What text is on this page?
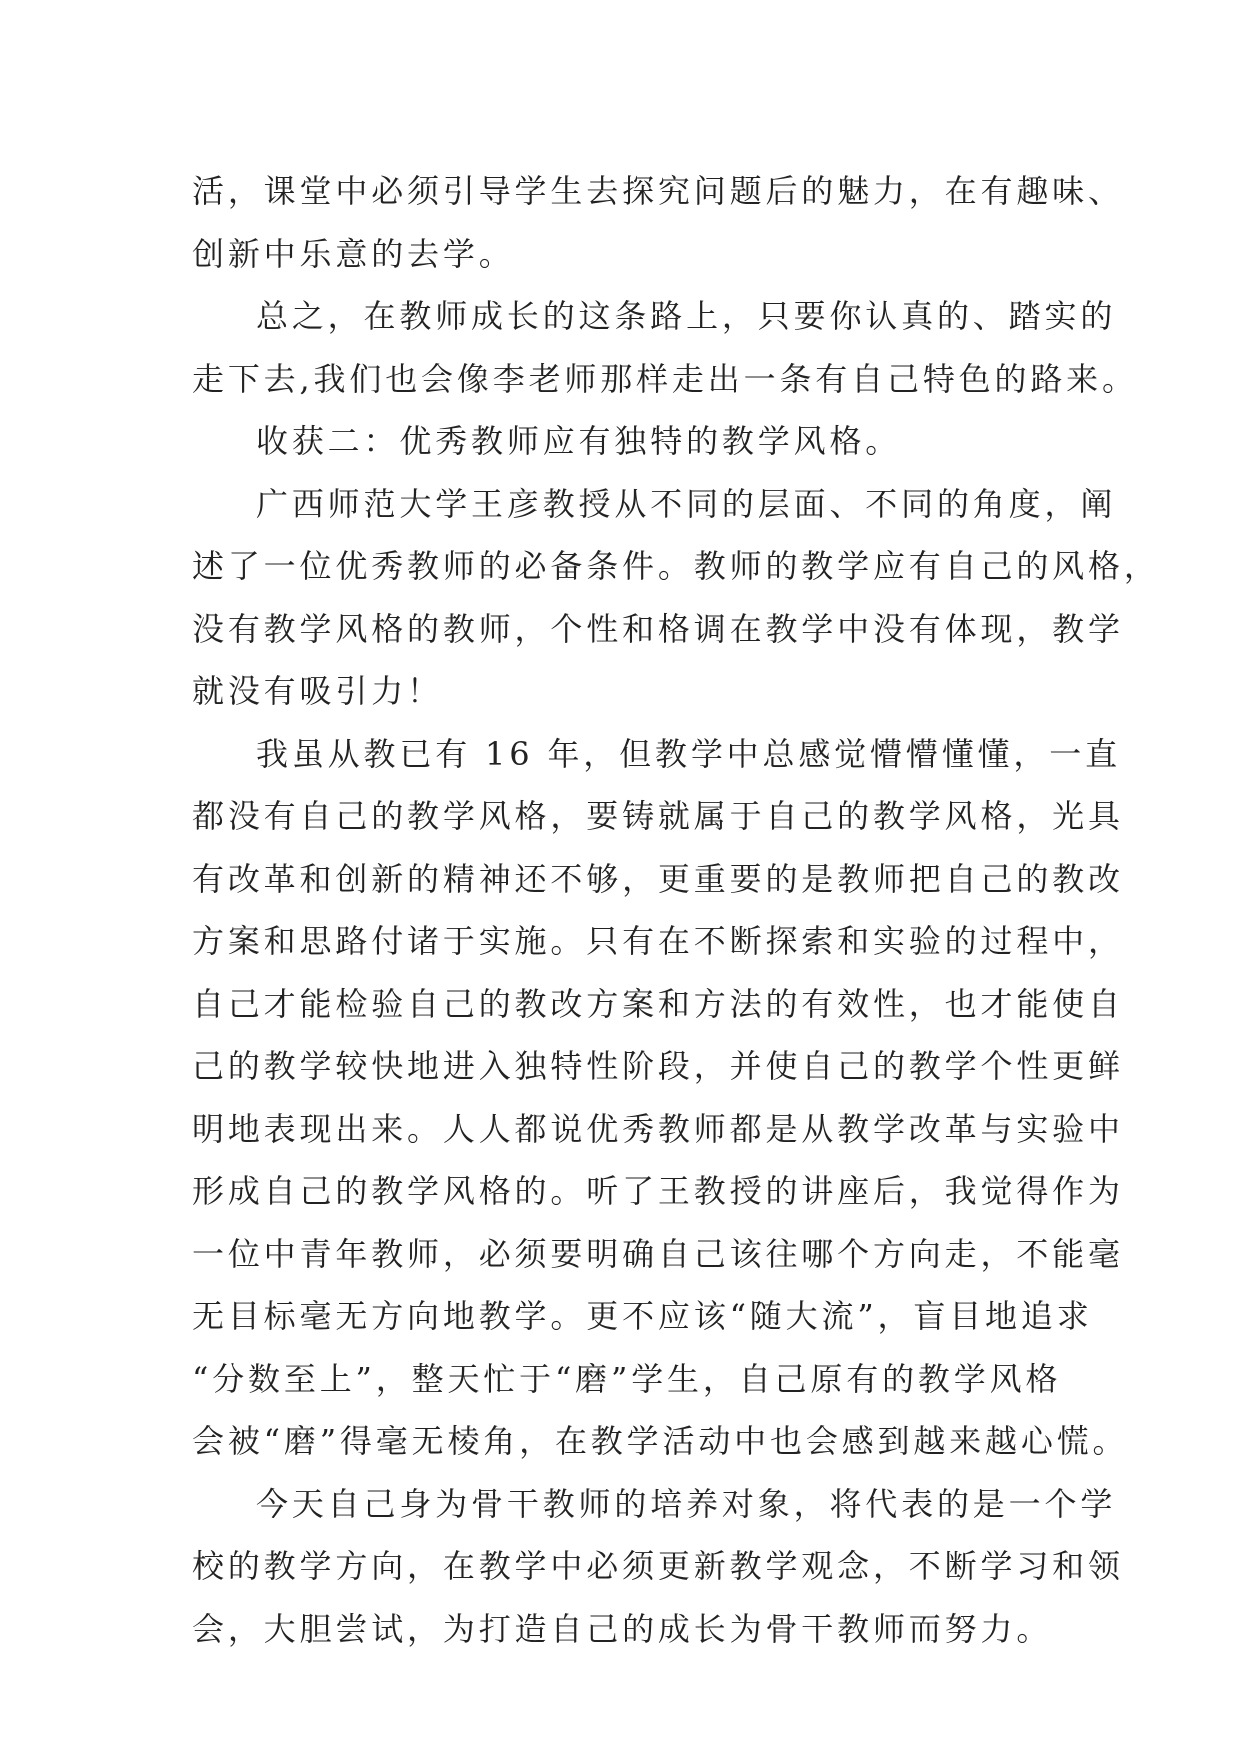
活，课堂中必须引导学生去探究问题后的魅力，在有趣味、
创新中乐意的去学。
总之，在教师成长的这条路上，只要你认真的、踏实的
走下去,我们也会像李老师那样走出一条有自己特色的路来。
收获二：优秀教师应有独特的教学风格。
广西师范大学王彦教授从不同的层面、不同的角度，阐
述了一位优秀教师的必备条件。教师的教学应有自己的风格，
没有教学风格的教师，个性和格调在教学中没有体现，教学
就没有吸引力！
我虽从教已有 16 年，但教学中总感觉懵懵懂懂，一直
都没有自己的教学风格，要铸就属于自己的教学风格，光具
有改革和创新的精神还不够，更重要的是教师把自己的教改
方案和思路付诸于实施。只有在不断探索和实验的过程中，
自己才能检验自己的教改方案和方法的有效性，也才能使自
己的教学较快地进入独特性阶段，并使自己的教学个性更鲜
明地表现出来。人人都说优秀教师都是从教学改革与实验中
形成自己的教学风格的。听了王教授的讲座后，我觉得作为
一位中青年教师，必须要明确自己该往哪个方向走，不能毫
无目标毫无方向地教学。更不应该“随大流”，盲目地追求
“分数至上”，整天忙于“磨”学生，自己原有的教学风格
会被“磨”得毫无棱角，在教学活动中也会感到越来越心慌。
今天自己身为骨干教师的培养对象，将代表的是一个学
校的教学方向，在教学中必须更新教学观念，不断学习和领
会，大胆尝试，为打造自己的成长为骨干教师而努力。
